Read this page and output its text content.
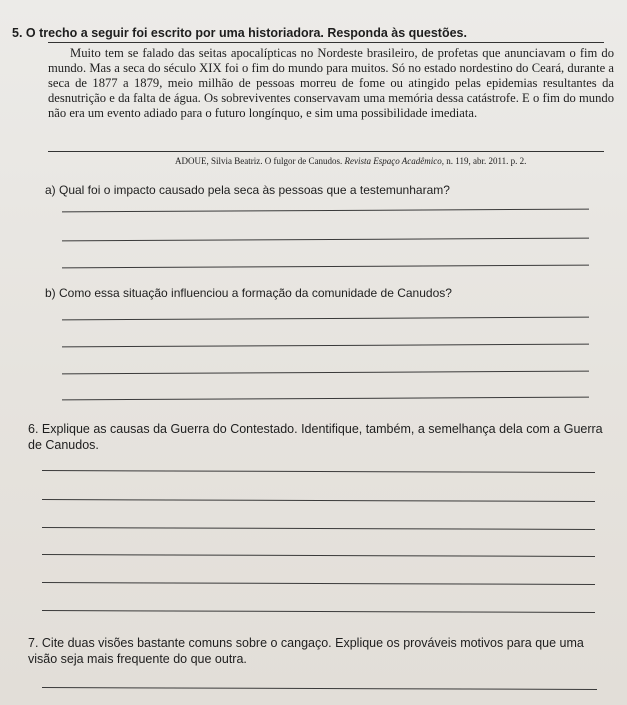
5. O trecho a seguir foi escrito por uma historiadora. Responda às questões.

Muito tem se falado das seitas apocalípticas no Nordeste brasileiro, de profetas que anunciavam o fim do mundo. Mas a seca do século XIX foi o fim do mundo para muitos. Só no estado nordestino do Ceará, durante a seca de 1877 a 1879, meio milhão de pessoas morreu de fome ou atingido pelas epidemias resultantes da desnutrição e da falta de água. Os sobreviventes conservavam uma memória dessa catástrofe. E o fim do mundo não era um evento adiado para o futuro longínquo, e sim uma possibilidade imediata.

ADOUE, Silvia Beatriz. O fulgor de Canudos. Revista Espaço Acadêmico, n. 119, abr. 2011. p. 2.
a) Qual foi o impacto causado pela seca às pessoas que a testemunharam?
b) Como essa situação influenciou a formação da comunidade de Canudos?
6. Explique as causas da Guerra do Contestado. Identifique, também, a semelhança dela com a Guerra de Canudos.
7. Cite duas visões bastante comuns sobre o cangaço. Explique os prováveis motivos para que uma visão seja mais frequente do que outra.
